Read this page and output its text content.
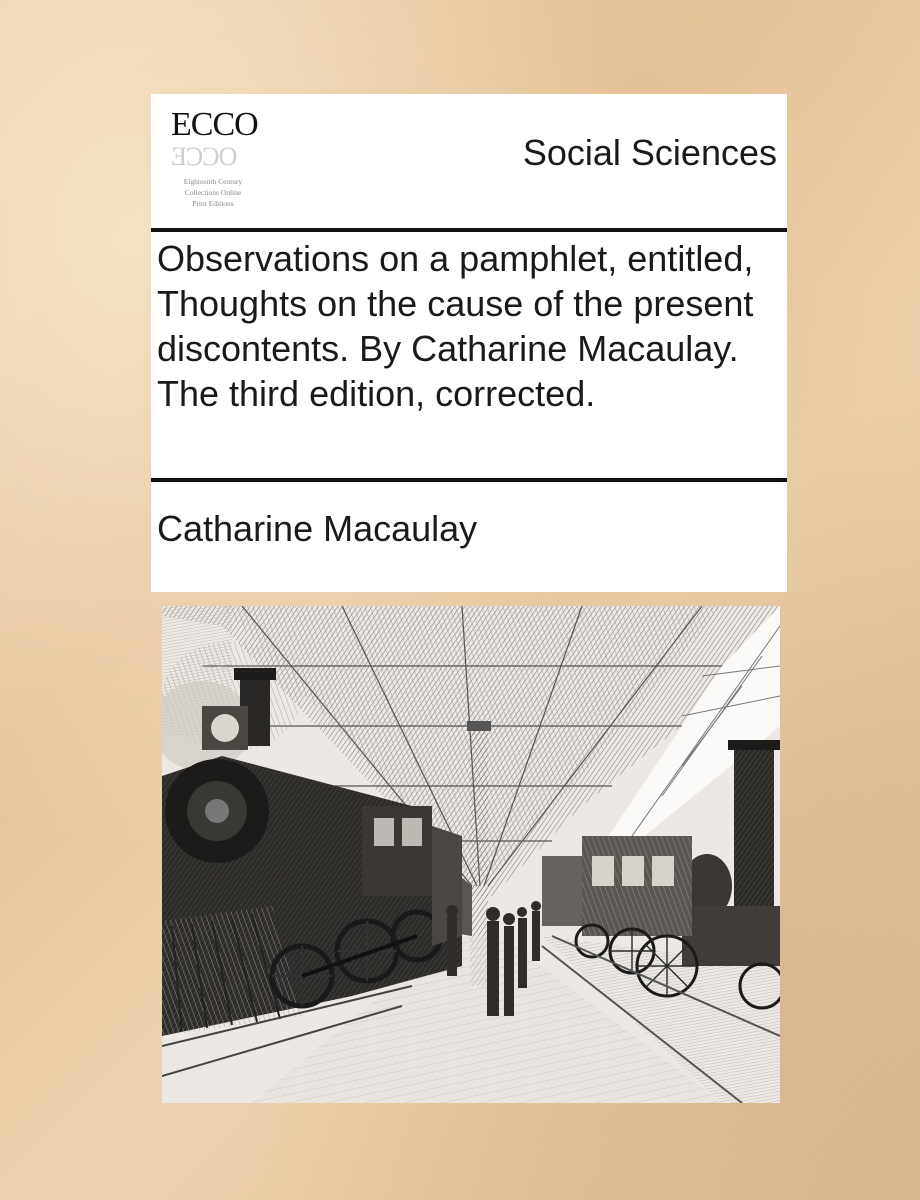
ECCO
ƎϽϽO
Eighteenth Century
Collections Online
Print Editions
Social Sciences
Observations on a pamphlet, entitled, Thoughts on the cause of the present discontents. By Catharine Macaulay. The third edition, corrected.
Catharine Macaulay
